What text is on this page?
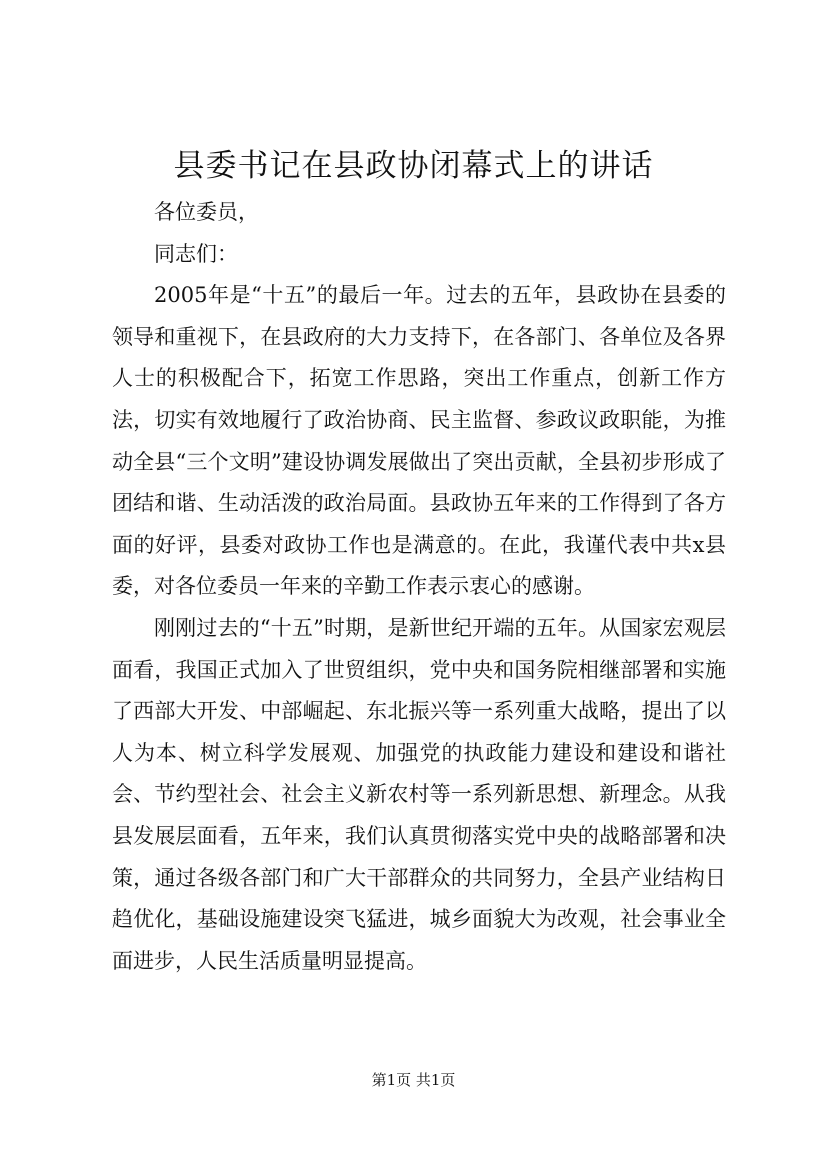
县委书记在县政协闭幕式上的讲话

各位委员，

同志们：

2005年是“十五”的最后一年。过去的五年，县政协在县委的领导和重视下，在县政府的大力支持下，在各部门、各单位及各界人士的积极配合下，拓宽工作思路，突出工作重点，创新工作方法，切实有效地履行了政治协商、民主监督、参政议政职能，为推动全县“三个文明”建设协调发展做出了突出贡献，全县初步形成了团结和谐、生动活泼的政治局面。县政协五年来的工作得到了各方面的好评，县委对政协工作也是满意的。在此，我谨代表中共x县委，对各位委员一年来的辛勤工作表示衷心的感谢。

刚刚过去的“十五”时期，是新世纪开端的五年。从国家宏观层面看，我国正式加入了世贸组织，党中央和国务院相继部署和实施了西部大开发、中部崛起、东北振兴等一系列重大战略，提出了以人为本、树立科学发展观、加强党的执政能力建设和建设和谐社会、节约型社会、社会主义新农村等一系列新思想、新理念。从我县发展层面看，五年来，我们认真贯彻落实党中央的战略部署和决策，通过各级各部门和广大干部群众的共同努力，全县产业结构日趋优化，基础设施建设突飞猛进，城乡面貌大为改观，社会事业全面进步，人民生活质量明显提高。

第1页 共1页
